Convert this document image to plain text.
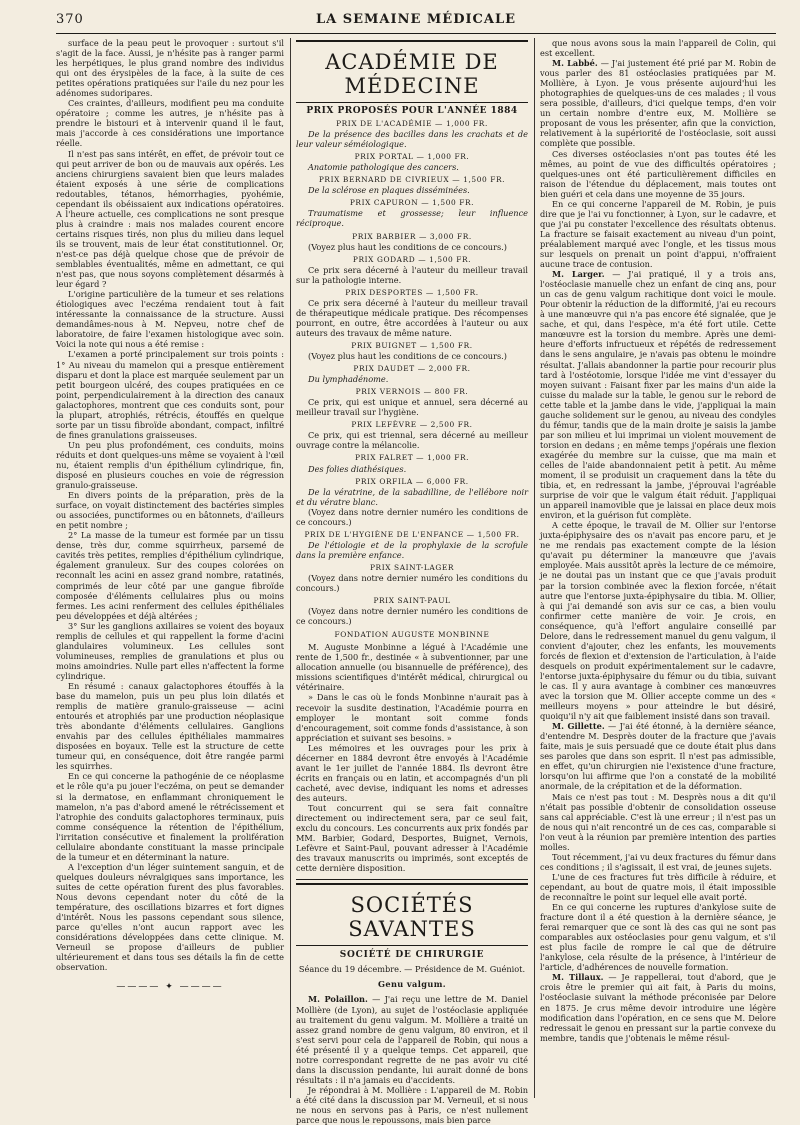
370	LA SEMAINE MÉDICALE

surface de la peau peut le provoquer : surtout s'il s'agit de la face. Aussi, je n'hésite pas à ranger parmi les herpétiques, le plus grand nombre des individus qui ont des érysipèles de la face, à la suite de ces petites opérations pratiquées sur l'aile du nez pour les adénomes sudoripares.

Ces craintes, d'ailleurs, modifient peu ma conduite opératoire ; comme les autres, je n'hésite pas à prendre le bistouri et à intervenir quand il le faut, mais j'accorde à ces considérations une importance réelle.

Il n'est pas sans intérêt, en effet, de prévoir tout ce qui peut arriver de bon ou de mauvais aux opérés. Les anciens chirurgiens savaient bien que leurs malades étaient exposés à une série de complications redoutables, tétanos, hémorrhagies, pyohémie, cependant ils obéissaient aux indications opératoires. A l'heure actuelle, ces complications ne sont presque plus à craindre : mais nos malades courent encore certains risques tirés, non plus du milieu dans lequel ils se trouvent, mais de leur état constitutionnel. Or, n'est-ce pas déjà quelque chose que de prévoir de semblables éventualités, même en admettant, ce qui n'est pas, que nous soyons complètement désarmés à leur égard ?

L'origine particulière de la tumeur et ses relations étiologiques avec l'eczéma rendaient tout à fait intéressante la connaissance de la structure. Aussi demandâmes-nous à M. Nepveu, notre chef de laboratoire, de faire l'examen histologique avec soin. Voici la note qui nous a été remise :

L'examen a porté principalement sur trois points : 1° Au niveau du mamelon qui a presque entièrement disparu et dont la place est marquée seulement par un petit bourgeon ulcéré, des coupes pratiquées en ce point, perpendiculairement à la direction des canaux galactophores, montrent que ces conduits sont, pour la plupart, atrophiés, rétrécis, étouffés en quelque sorte par un tissu fibroïde abondant, compact, infiltré de fines granulations graisseuses.

Un peu plus profondément, ces conduits, moins réduits et dont quelques-uns même se voyaient à l'œil nu, étaient remplis d'un épithélium cylindrique, fin, disposé en plusieurs couches en voie de régression granulo-graisseuse.

En divers points de la préparation, près de la surface, on voyait distinctement des bactéries simples ou associées, punctiformes ou en bâtonnets, d'ailleurs en petit nombre ;

2° La masse de la tumeur est formée par un tissu dense, très dur, comme squirrheux, parsemé de cavités très petites, remplies d'épithélium cylindrique, également granuleux. Sur des coupes colorées on reconnaît les acini en assez grand nombre, ratatinés, comprimés de leur côté par une gangue fibroïde composée d'éléments cellulaires plus ou moins fermes. Les acini renferment des cellules épithéliales peu développées et déjà altérées ;

3° Sur les ganglions axillaires se voient des boyaux remplis de cellules et qui rappellent la forme d'acini glandulaires volumineux. Les cellules sont volumineuses, remplies de granulations et plus ou moins amoindries. Nulle part elles n'affectent la forme cylindrique.

En résumé : canaux galactophores étouffés à la base du mamelon, puis un peu plus loin dilatés et remplis de matière granulo-graisseuse — acini entourés et atrophiés par une production néoplasique très abondante d'éléments cellulaires. Ganglions envahis par des cellules épithéliales mammaires disposées en boyaux. Telle est la structure de cette tumeur qui, en conséquence, doit être rangée parmi les squirrhes.

En ce qui concerne la pathogénie de ce néoplasme et le rôle qu'a pu jouer l'eczéma, on peut se demander si la dermatose, en enflammant chroniquement le mamelon, n'a pas d'abord amené le rétrécissement et l'atrophie des conduits galactophores terminaux, puis comme conséquence la rétention de l'épithélium, l'irritation consécutive et finalement la prolifération cellulaire abondante constituant la masse principale de la tumeur et en déterminant la nature.

A l'exception d'un léger suintement sanguin, et de quelques douleurs névralgiques sans importance, les suites de cette opération furent des plus favorables. Nous devons cependant noter du côté de la température, des oscillations bizarres et fort dignes d'intérêt. Nous les passons cependant sous silence, parce qu'elles n'ont aucun rapport avec les considérations développées dans cette clinique. M. Verneuil se propose d'ailleurs de publier ultérieurement et dans tous ses détails la fin de cette observation.

———— ✦ ————
ACADÉMIE DE MÉDECINE
PRIX PROPOSÉS POUR L'ANNÉE 1884
PRIX DE L'ACADÉMIE — 1,000 FR.

De la présence des bacilles dans les crachats et de leur valeur séméiologique.

PRIX PORTAL — 1,000 FR.

Anatomie pathologique des cancers.

PRIX BERNARD DE CIVRIEUX — 1,500 FR.

De la sclérose en plaques disséminées.

PRIX CAPURON — 1,500 FR.

Traumatisme et grossesse; leur influence réciproque.

PRIX BARBIER — 3,000 FR.

(Voyez plus haut les conditions de ce concours.)

PRIX GODARD — 1,500 FR.

Ce prix sera décerné à l'auteur du meilleur travail sur la pathologie interne.

PRIX DESPORTES — 1,500 FR.

Ce prix sera décerné à l'auteur du meilleur travail de thérapeutique médicale pratique. Des récompenses pourront, en outre, être accordées à l'auteur ou aux auteurs des travaux de même nature.

PRIX BUIGNET — 1,500 FR.

(Voyez plus haut les conditions de ce concours.)

PRIX DAUDET — 2,000 FR.

Du lymphadénome.

PRIX VERNOIS — 800 FR.

Ce prix, qui est unique et annuel, sera décerné au meilleur travail sur l'hygiène.

PRIX LEFÈVRE — 2,500 FR.

Ce prix, qui est triennal, sera décerné au meilleur ouvrage contre la mélancolie.

PRIX FALRET — 1,000 FR.

Des folies diathésiques.

PRIX ORFILA — 6,000 FR.

De la vératrine, de la sabadilline, de l'ellébore noir et du vératre blanc.

(Voyez dans notre dernier numéro les conditions de ce concours.)

PRIX DE L'HYGIÈNE DE L'ENFANCE — 1,500 FR.

De l'étiologie et de la prophylaxie de la scrofule dans la première enfance.

PRIX SAINT-LAGER

(Voyez dans notre dernier numéro les conditions du concours.)

PRIX SAINT-PAUL

(Voyez dans notre dernier numéro les conditions de ce concours.)

FONDATION AUGUSTE MONBINNE

M. Auguste Monbinne a légué à l'Académie une rente de 1,500 fr., destinée « à subventionner, par une allocation annuelle (ou bisannuelle de préférence), des missions scientifiques d'intérêt médical, chirurgical ou vétérinaire.

» Dans le cas où le fonds Monbinne n'aurait pas à recevoir la susdite destination, l'Académie pourra en employer le montant soit comme fonds d'encouragement, soit comme fonds d'assistance, à son appréciation et suivant ses besoins. »

Les mémoires et les ouvrages pour les prix à décerner en 1884 devront être envoyés à l'Académie avant le 1er juillet de l'année 1884. Ils devront être écrits en français ou en latin, et accompagnés d'un pli cacheté, avec devise, indiquant les noms et adresses des auteurs.

Tout concurrent qui se sera fait connaître directement ou indirectement sera, par ce seul fait, exclu du concours. Les concurrents aux prix fondés par MM. Barbier, Godard, Desportes, Buignet, Vernois, Lefèvre et Saint-Paul, pouvant adresser à l'Académie des travaux manuscrits ou imprimés, sont exceptés de cette dernière disposition.

SOCIÉTÉS SAVANTES
SOCIÉTÉ DE CHIRURGIE
Séance du 19 décembre. — Présidence de M. Guéniot.
Genu valgum.

M. Polaillon. — J'ai reçu une lettre de M. Daniel Mollière (de Lyon), au sujet de l'ostéoclasie appliquée au traitement du genu valgum. M. Mollière a traité un assez grand nombre de genu valgum, 80 environ, et il s'est servi pour cela de l'appareil de Robin, qui nous a été présenté il y a quelque temps. Cet appareil, que notre correspondant regrette de ne pas avoir vu cité dans la discussion pendante, lui aurait donné de bons résultats : il n'a jamais eu d'accidents.

Je répondrai à M. Mollière : L'appareil de M. Robin a été cité dans la discussion par M. Verneuil, et si nous ne nous en servons pas à Paris, ce n'est nullement parce que nous le repoussons, mais bien parce

que nous avons sous la main l'appareil de Colin, qui est excellent.

M. Labbé. — J'ai justement été prié par M. Robin de vous parler des 81 ostéoclasies pratiquées par M. Mollière, à Lyon. Je vous présente aujourd'hui les photographies de quelques-uns de ces malades ; il vous sera possible, d'ailleurs, d'ici quelque temps, d'en voir un certain nombre d'entre eux, M. Mollière se proposant de vous les présenter, afin que la conviction, relativement à la supériorité de l'ostéoclasie, soit aussi complète que possible.

Ces diverses ostéoclasies n'ont pas toutes été les mêmes, au point de vue des difficultés opératoires ; quelques-unes ont été particulièrement difficiles en raison de l'étendue du déplacement, mais toutes ont bien guéri et cela dans une moyenne de 35 jours.

En ce qui concerne l'appareil de M. Robin, je puis dire que je l'ai vu fonctionner, à Lyon, sur le cadavre, et que j'ai pu constater l'excellence des résultats obtenus. La fracture se faisait exactement au niveau d'un point, préalablement marqué avec l'ongle, et les tissus mous sur lesquels on prenait un point d'appui, n'offraient aucune trace de contusion.

M. Larger. — J'ai pratiqué, il y a trois ans, l'ostéoclasie manuelle chez un enfant de cinq ans, pour un cas de genu valgum rachitique dont voici le moule. Pour obtenir la réduction de la difformité, j'ai eu recours à une manœuvre qui n'a pas encore été signalée, que je sache, et qui, dans l'espèce, m'a été fort utile. Cette manœuvre est la torsion du membre. Après une demi-heure d'efforts infructueux et répétés de redressement dans le sens angulaire, je n'avais pas obtenu le moindre résultat. J'allais abandonner la partie pour recourir plus tard à l'ostéotomie, lorsque l'idée me vint d'essayer du moyen suivant : Faisant fixer par les mains d'un aide la cuisse du malade sur la table, le genou sur le rebord de cette table et la jambe dans le vide, j'appliquai la main gauche solidement sur le genou, au niveau des condyles du fémur, tandis que de la main droite je saisis la jambe par son milieu et lui imprimai un violent mouvement de torsion en dedans ; en même temps j'opérais une flexion exagérée du membre sur la cuisse, que ma main et celles de l'aide abandonnaient petit à petit. Au même moment, il se produisit un craquement dans la tête du tibia, et, en redressant la jambe, j'éprouvai l'agréable surprise de voir que le valgum était réduit. J'appliquai un appareil inamovible que je laissai en place deux mois environ, et la guérison fut complète.

A cette époque, le travail de M. Ollier sur l'entorse juxta-épiphysaire des os n'avait pas encore paru, et je ne me rendais pas exactement compte de la lésion qu'avait pu déterminer la manœuvre que j'avais employée. Mais aussitôt après la lecture de ce mémoire, je ne doutai pas un instant que ce que j'avais produit par la torsion combinée avec la flexion forcée, n'était autre que l'entorse juxta-épiphysaire du tibia. M. Ollier, à qui j'ai demandé son avis sur ce cas, a bien voulu confirmer cette manière de voir. Je crois, en conséquence, qu'à l'effort angulaire conseillé par Delore, dans le redressement manuel du genu valgum, il convient d'ajouter, chez les enfants, les mouvements forcés de flexion et d'extension de l'articulation, à l'aide desquels on produit expérimentalement sur le cadavre, l'entorse juxta-épiphysaire du fémur ou du tibia, suivant le cas. Il y aura avantage à combiner ces manœuvres avec la torsion que M. Ollier accepte comme un des « meilleurs moyens » pour atteindre le but désiré, quoiqu'il n'y ait que faiblement insisté dans son travail.

M. Gillette. — J'ai été étonné, à la dernière séance, d'entendre M. Desprès douter de la fracture que j'avais faite, mais je suis persuadé que ce doute était plus dans ses paroles que dans son esprit. Il n'est pas admissible, en effet, qu'un chirurgien nie l'existence d'une fracture, lorsqu'on lui affirme que l'on a constaté de la mobilité anormale, de la crépitation et de la déformation.

Mais ce n'est pas tout : M. Desprès nous a dit qu'il n'était pas possible d'obtenir de consolidation osseuse sans cal appréciable. C'est là une erreur ; il n'est pas un de nous qui n'ait rencontré un de ces cas, comparable si l'on veut à la réunion par première intention des parties molles.

Tout récemment, j'ai vu deux fractures du fémur dans ces conditions ; il s'agissait, il est vrai, de jeunes sujets.

L'une de ces fractures fut très difficile à réduire, et cependant, au bout de quatre mois, il était impossible de reconnaître le point sur lequel elle avait porté.

En ce qui concerne les ruptures d'ankylose suite de fracture dont il a été question à la dernière séance, je ferai remarquer que ce sont là des cas qui ne sont pas comparables aux ostéoclasies pour genu valgum, et s'il est plus facile de rompre le cal que de détruire l'ankylose, cela résulte de la présence, à l'intérieur de l'article, d'adhérences de nouvelle formation.

M. Tillaux. — Je rappellerai, tout d'abord, que je crois être le premier qui ait fait, à Paris du moins, l'ostéoclasie suivant la méthode préconisée par Delore en 1875. Je crus même devoir introduire une légère modification dans l'opération, en ce sens que M. Delore redressait le genou en pressant sur la partie convexe du membre, tandis que j'obtenais le même résul-
